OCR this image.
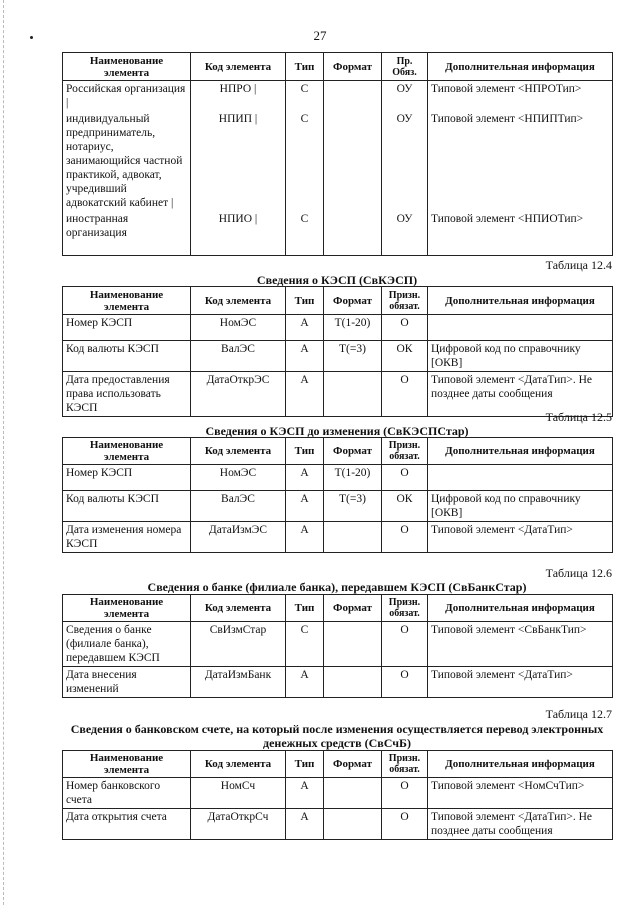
27
Наименование элемента	Код элемента	Тип	Формат	Пр. Обяз.	Дополнительная информация
Российская организация |	НПРО |	С		ОУ	Типовой элемент <НПРОТип>
индивидуальный предприниматель, нотариус, занимающийся частной практикой, адвокат, учредивший адвокатский кабинет |	НПИП |	С		ОУ	Типовой элемент <НПИПТип>
иностранная организация	НПИО |	С		ОУ	Типовой элемент <НПИОТип>
Таблица 12.4
Сведения о КЭСП (СвКЭСП)
Наименование элемента	Код элемента	Тип	Формат	Призн. обязат.	Дополнительная информация
Номер КЭСП	НомЭС	А	T(1-20)	О	
Код валюты КЭСП	ВалЭС	А	T(=3)	ОК	Цифровой код по справочнику [ОКВ]
Дата предоставления права использовать КЭСП	ДатаОткрЭС	А		О	Типовой элемент <ДатаТип>. Не позднее даты сообщения
Таблица 12.5
Сведения о КЭСП до изменения (СвКЭСПСтар)
Наименование элемента	Код элемента	Тип	Формат	Призн. обязат.	Дополнительная информация
Номер КЭСП	НомЭС	А	T(1-20)	О	
Код валюты КЭСП	ВалЭС	А	T(=3)	ОК	Цифровой код по справочнику [ОКВ]
Дата изменения номера КЭСП	ДатаИзмЭС	А		О	Типовой элемент <ДатаТип>
Таблица 12.6
Сведения о банке (филиале банка), передавшем КЭСП (СвБанкСтар)
Наименование элемента	Код элемента	Тип	Формат	Призн. обязат.	Дополнительная информация
Сведения о банке (филиале банка), передавшем КЭСП	СвИзмСтар	С		О	Типовой элемент <СвБанкТип>
Дата внесения изменений	ДатаИзмБанк	А		О	Типовой элемент <ДатаТип>
Таблица 12.7
Сведения о банковском счете, на который после изменения осуществляется перевод электронных денежных средств (СвСчБ)
Наименование элемента	Код элемента	Тип	Формат	Призн. обязат.	Дополнительная информация
Номер банковского счета	НомСч	А		О	Типовой элемент <НомСчТип>
Дата открытия счета	ДатаОткрСч	А		О	Типовой элемент <ДатаТип>. Не позднее даты сообщения
